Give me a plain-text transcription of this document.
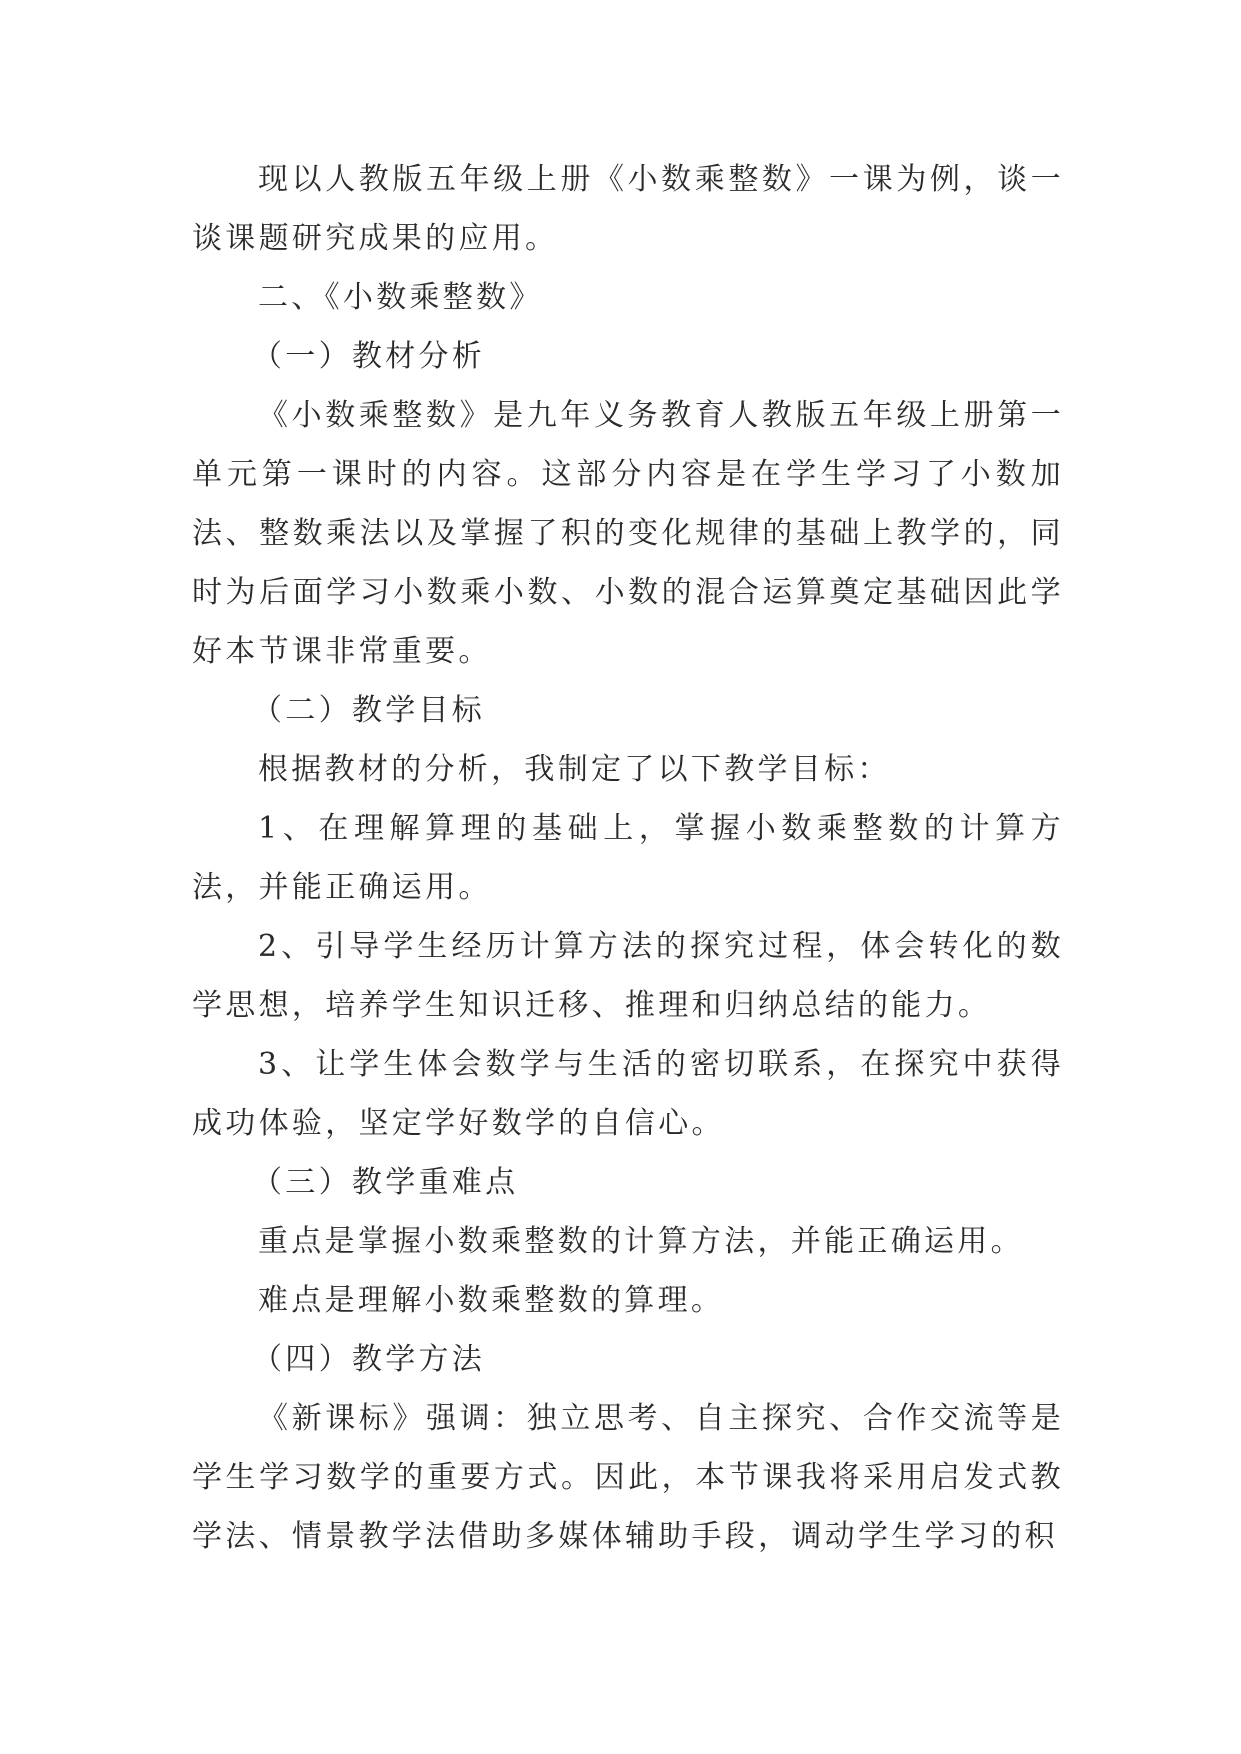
现以人教版五年级上册《小数乘整数》一课为例，谈一谈课题研究成果的应用。

二、《小数乘整数》

（一）教材分析

《小数乘整数》是九年义务教育人教版五年级上册第一单元第一课时的内容。这部分内容是在学生学习了小数加法、整数乘法以及掌握了积的变化规律的基础上教学的，同时为后面学习小数乘小数、小数的混合运算奠定基础因此学好本节课非常重要。

（二）教学目标

根据教材的分析，我制定了以下教学目标：

1、在理解算理的基础上，掌握小数乘整数的计算方法，并能正确运用。

2、引导学生经历计算方法的探究过程，体会转化的数学思想，培养学生知识迁移、推理和归纳总结的能力。

3、让学生体会数学与生活的密切联系，在探究中获得成功体验，坚定学好数学的自信心。

（三）教学重难点

重点是掌握小数乘整数的计算方法，并能正确运用。

难点是理解小数乘整数的算理。

（四）教学方法

《新课标》强调：独立思考、自主探究、合作交流等是学生学习数学的重要方式。因此，本节课我将采用启发式教学法、情景教学法借助多媒体辅助手段，调动学生学习的积
